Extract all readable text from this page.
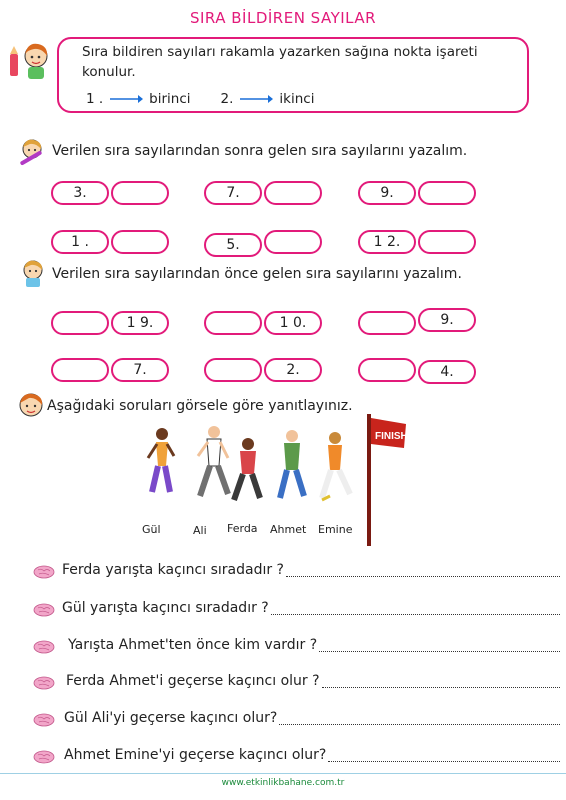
SIRA BİLDİREN SAYILAR
Sıra bildiren sayıları rakamla yazarken sağına nokta işareti konulur.
1 .	birinci 2.	ikinci
Verilen sıra sayılarından sonra gelen sıra sayılarını yazalım.
3.	7.	9.
1 .	5.	1 2.
Verilen sıra sayılarından önce gelen sıra sayılarını yazalım.
1 9.	1 0.	9.
7.	2.	4.
Aşağıdaki soruları görsele göre yanıtlayınız.
FINISH
Gül	Ali Ferda Ahmet Emine
Ferda yarışta kaçıncı sıradadır ?
Gül yarışta kaçıncı sıradadır ?
Yarışta Ahmet'ten önce kim vardır ?
Ferda Ahmet'i geçerse kaçıncı olur ?
Gül Ali'yi geçerse kaçıncı olur?
Ahmet Emine'yi geçerse kaçıncı olur?
www.etkinlikbahane.com.tr
